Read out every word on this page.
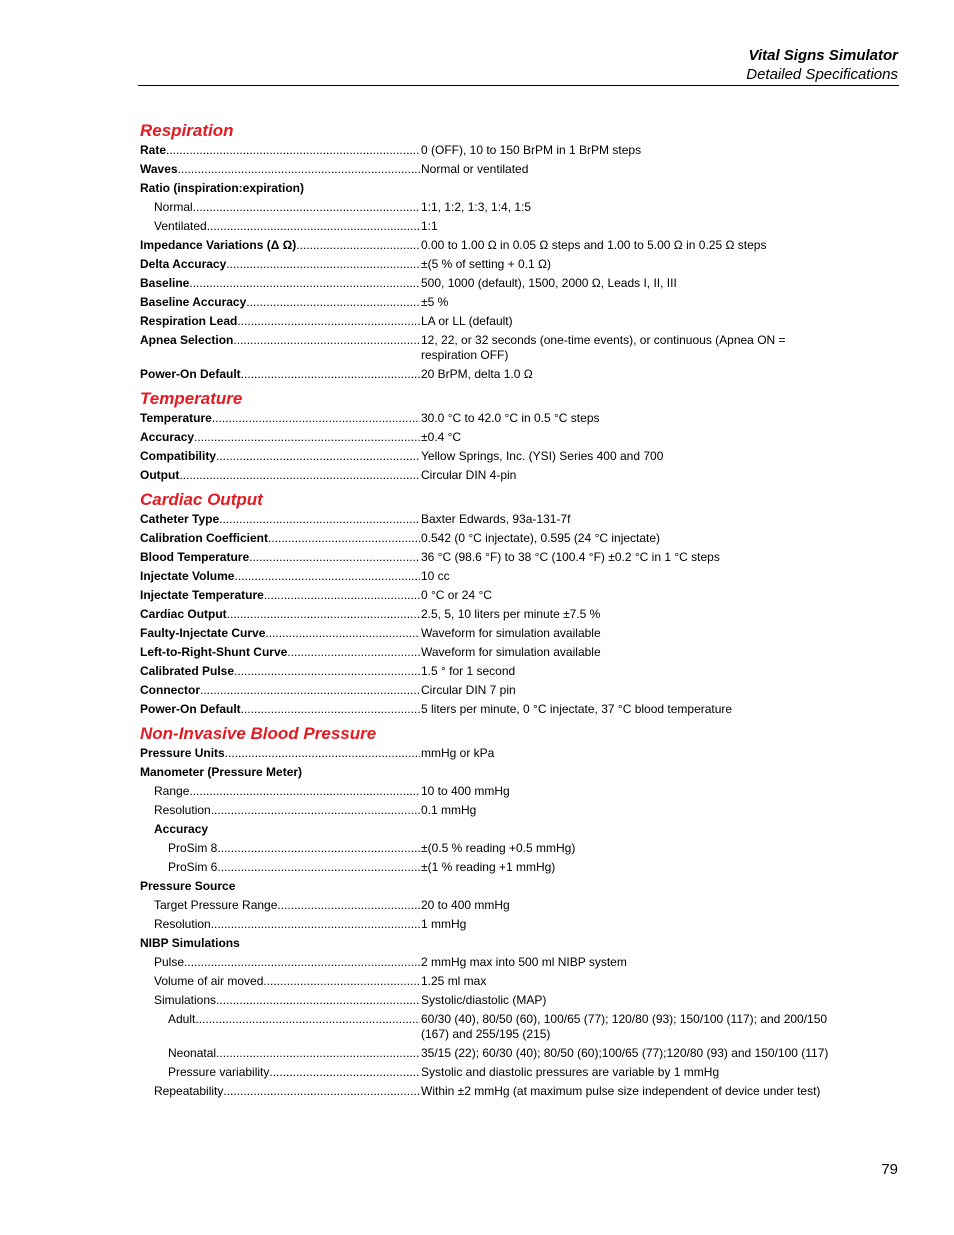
Vital Signs Simulator
Detailed Specifications
Respiration
Rate .....	0 (OFF), 10 to 150 BrPM in 1 BrPM steps
Waves .....	Normal or ventilated
Ratio (inspiration:expiration)
Normal .....	1:1, 1:2, 1:3, 1:4, 1:5
Ventilated .....	1:1
Impedance Variations (Δ Ω) .....	0.00 to 1.00 Ω in 0.05 Ω steps and 1.00 to 5.00 Ω in 0.25 Ω steps
Delta Accuracy .....	±(5 % of setting + 0.1 Ω)
Baseline .....	500, 1000 (default), 1500, 2000 Ω, Leads I, II, III
Baseline Accuracy .....	±5 %
Respiration Lead .....	LA or LL (default)
Apnea Selection .....	12, 22, or 32 seconds (one-time events), or continuous (Apnea ON = respiration OFF)
Power-On Default .....	20 BrPM, delta 1.0 Ω
Temperature
Temperature .....	30.0 °C to 42.0 °C in 0.5 °C steps
Accuracy .....	±0.4 °C
Compatibility .....	Yellow Springs, Inc. (YSI) Series 400 and 700
Output .....	Circular DIN 4-pin
Cardiac Output
Catheter Type .....	Baxter Edwards, 93a-131-7f
Calibration Coefficient .....	0.542 (0 °C injectate), 0.595 (24 °C injectate)
Blood Temperature .....	36 °C (98.6 °F) to 38 °C (100.4 °F) ±0.2 °C in 1 °C steps
Injectate Volume .....	10 cc
Injectate Temperature .....	0 °C or 24 °C
Cardiac Output .....	2.5, 5, 10 liters per minute ±7.5 %
Faulty-Injectate Curve .....	Waveform for simulation available
Left-to-Right-Shunt Curve .....	Waveform for simulation available
Calibrated Pulse .....	1.5 ° for 1 second
Connector .....	Circular DIN 7 pin
Power-On Default .....	5 liters per minute, 0 °C injectate, 37 °C blood temperature
Non-Invasive Blood Pressure
Pressure Units .....	mmHg or kPa
Manometer (Pressure Meter)
Range .....	10 to 400 mmHg
Resolution .....	0.1 mmHg
Accuracy
ProSim 8 .....	±(0.5 % reading +0.5 mmHg)
ProSim 6 .....	±(1 % reading +1 mmHg)
Pressure Source
Target Pressure Range .....	20 to 400 mmHg
Resolution .....	1 mmHg
NIBP Simulations
Pulse .....	2 mmHg max into 500 ml NIBP system
Volume of air moved .....	1.25 ml max
Simulations .....	Systolic/diastolic (MAP)
Adult .....	60/30 (40), 80/50 (60), 100/65 (77); 120/80 (93); 150/100 (117); and 200/150 (167) and 255/195 (215)
Neonatal .....	35/15 (22); 60/30 (40); 80/50 (60);100/65 (77);120/80 (93) and 150/100 (117)
Pressure variability .....	Systolic and diastolic pressures are variable by 1 mmHg
Repeatability .....	Within ±2 mmHg (at maximum pulse size independent of device under test)
79
